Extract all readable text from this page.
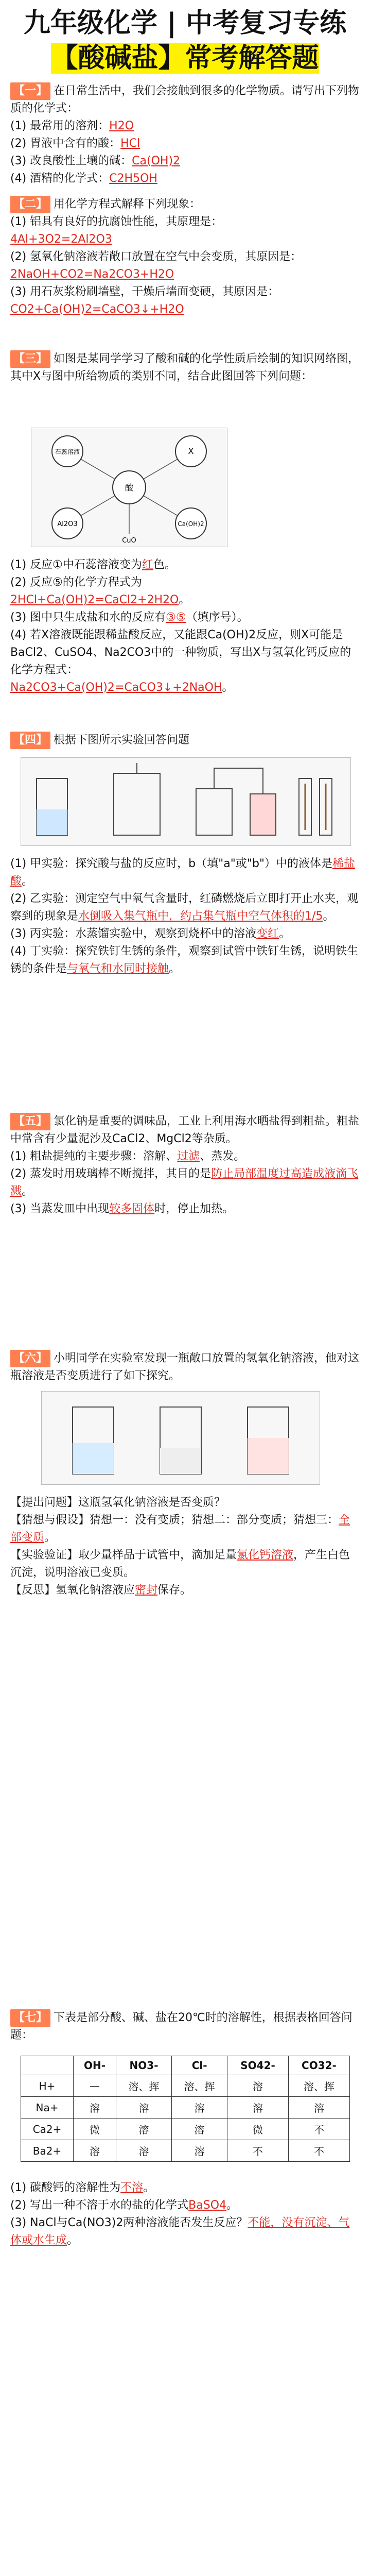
九年级化学 | 中考复习专练
【酸碱盐】常考解答题
【一】 在日常生活中，我们会接触到很多的化学物质。请写出下列物质的化学式：
(1) 最常用的溶剂：H2O
(2) 胃液中含有的酸：HCl
(3) 改良酸性土壤的碱：Ca(OH)2
(4) 酒精的化学式：C2H5OH
【二】 用化学方程式解释下列现象：
(1) 铝具有良好的抗腐蚀性能，其原理是：
4Al+3O2=2Al2O3
(2) 氢氧化钠溶液若敞口放置在空气中会变质，其原因是：
2NaOH+CO2=Na2CO3+H2O
(3) 用石灰浆粉刷墙壁，干燥后墙面变硬，其原因是：
CO2+Ca(OH)2=CaCO3↓+H2O
【三】 如图是某同学学习了酸和碱的化学性质后绘制的知识网络图，其中X与图中所给物质的类别不同，结合此图回答下列问题：
酸
石蕊溶液	X
Al2O3	Ca(OH)2
CuO
(1) 反应①中石蕊溶液变为红色。
(2) 反应⑤的化学方程式为
2HCl+Ca(OH)2=CaCl2+2H2O。
(3) 图中只生成盐和水的反应有③⑤（填序号）。
(4) 若X溶液既能跟稀盐酸反应，又能跟Ca(OH)2反应，则X可能是BaCl2、CuSO4、Na2CO3中的一种物质，写出X与氢氧化钙反应的化学方程式：
Na2CO3+Ca(OH)2=CaCO3↓+2NaOH。
【四】 根据下图所示实验回答问题
(1) 甲实验：探究酸与盐的反应时，b（填"a"或"b"）中的液体是稀盐酸。
(2) 乙实验：测定空气中氧气含量时，红磷燃烧后立即打开止水夹，观察到的现象是水倒吸入集气瓶中，约占集气瓶中空气体积的1/5。
(3) 丙实验：水蒸馏实验中，观察到烧杯中的溶液变红。
(4) 丁实验：探究铁钉生锈的条件，观察到试管中铁钉生锈，说明铁生锈的条件是与氧气和水同时接触。
【五】 氯化钠是重要的调味品，工业上利用海水晒盐得到粗盐。粗盐中常含有少量泥沙及CaCl2、MgCl2等杂质。
(1) 粗盐提纯的主要步骤：溶解、过滤、蒸发。
(2) 蒸发时用玻璃棒不断搅拌，其目的是防止局部温度过高造成液滴飞溅。
(3) 当蒸发皿中出现较多固体时，停止加热。
【六】 小明同学在实验室发现一瓶敞口放置的氢氧化钠溶液，他对这瓶溶液是否变质进行了如下探究。
【提出问题】这瓶氢氧化钠溶液是否变质？
【猜想与假设】猜想一：没有变质；猜想二：部分变质；猜想三：全部变质。
【实验验证】取少量样品于试管中，滴加足量氯化钙溶液，产生白色沉淀，说明溶液已变质。
【反思】氢氧化钠溶液应密封保存。
【七】 下表是部分酸、碱、盐在20℃时的溶解性，根据表格回答问题：
	OH-	NO3-	Cl-	SO42-	CO32-
H+	—	溶、挥	溶、挥	溶	溶、挥
Na+	溶	溶	溶	溶	溶
Ca2+	微	溶	溶	微	不
Ba2+	溶	溶	溶	不	不
(1) 碳酸钙的溶解性为不溶。
(2) 写出一种不溶于水的盐的化学式BaSO4。
(3) NaCl与Ca(NO3)2两种溶液能否发生反应？不能，没有沉淀、气体或水生成。
